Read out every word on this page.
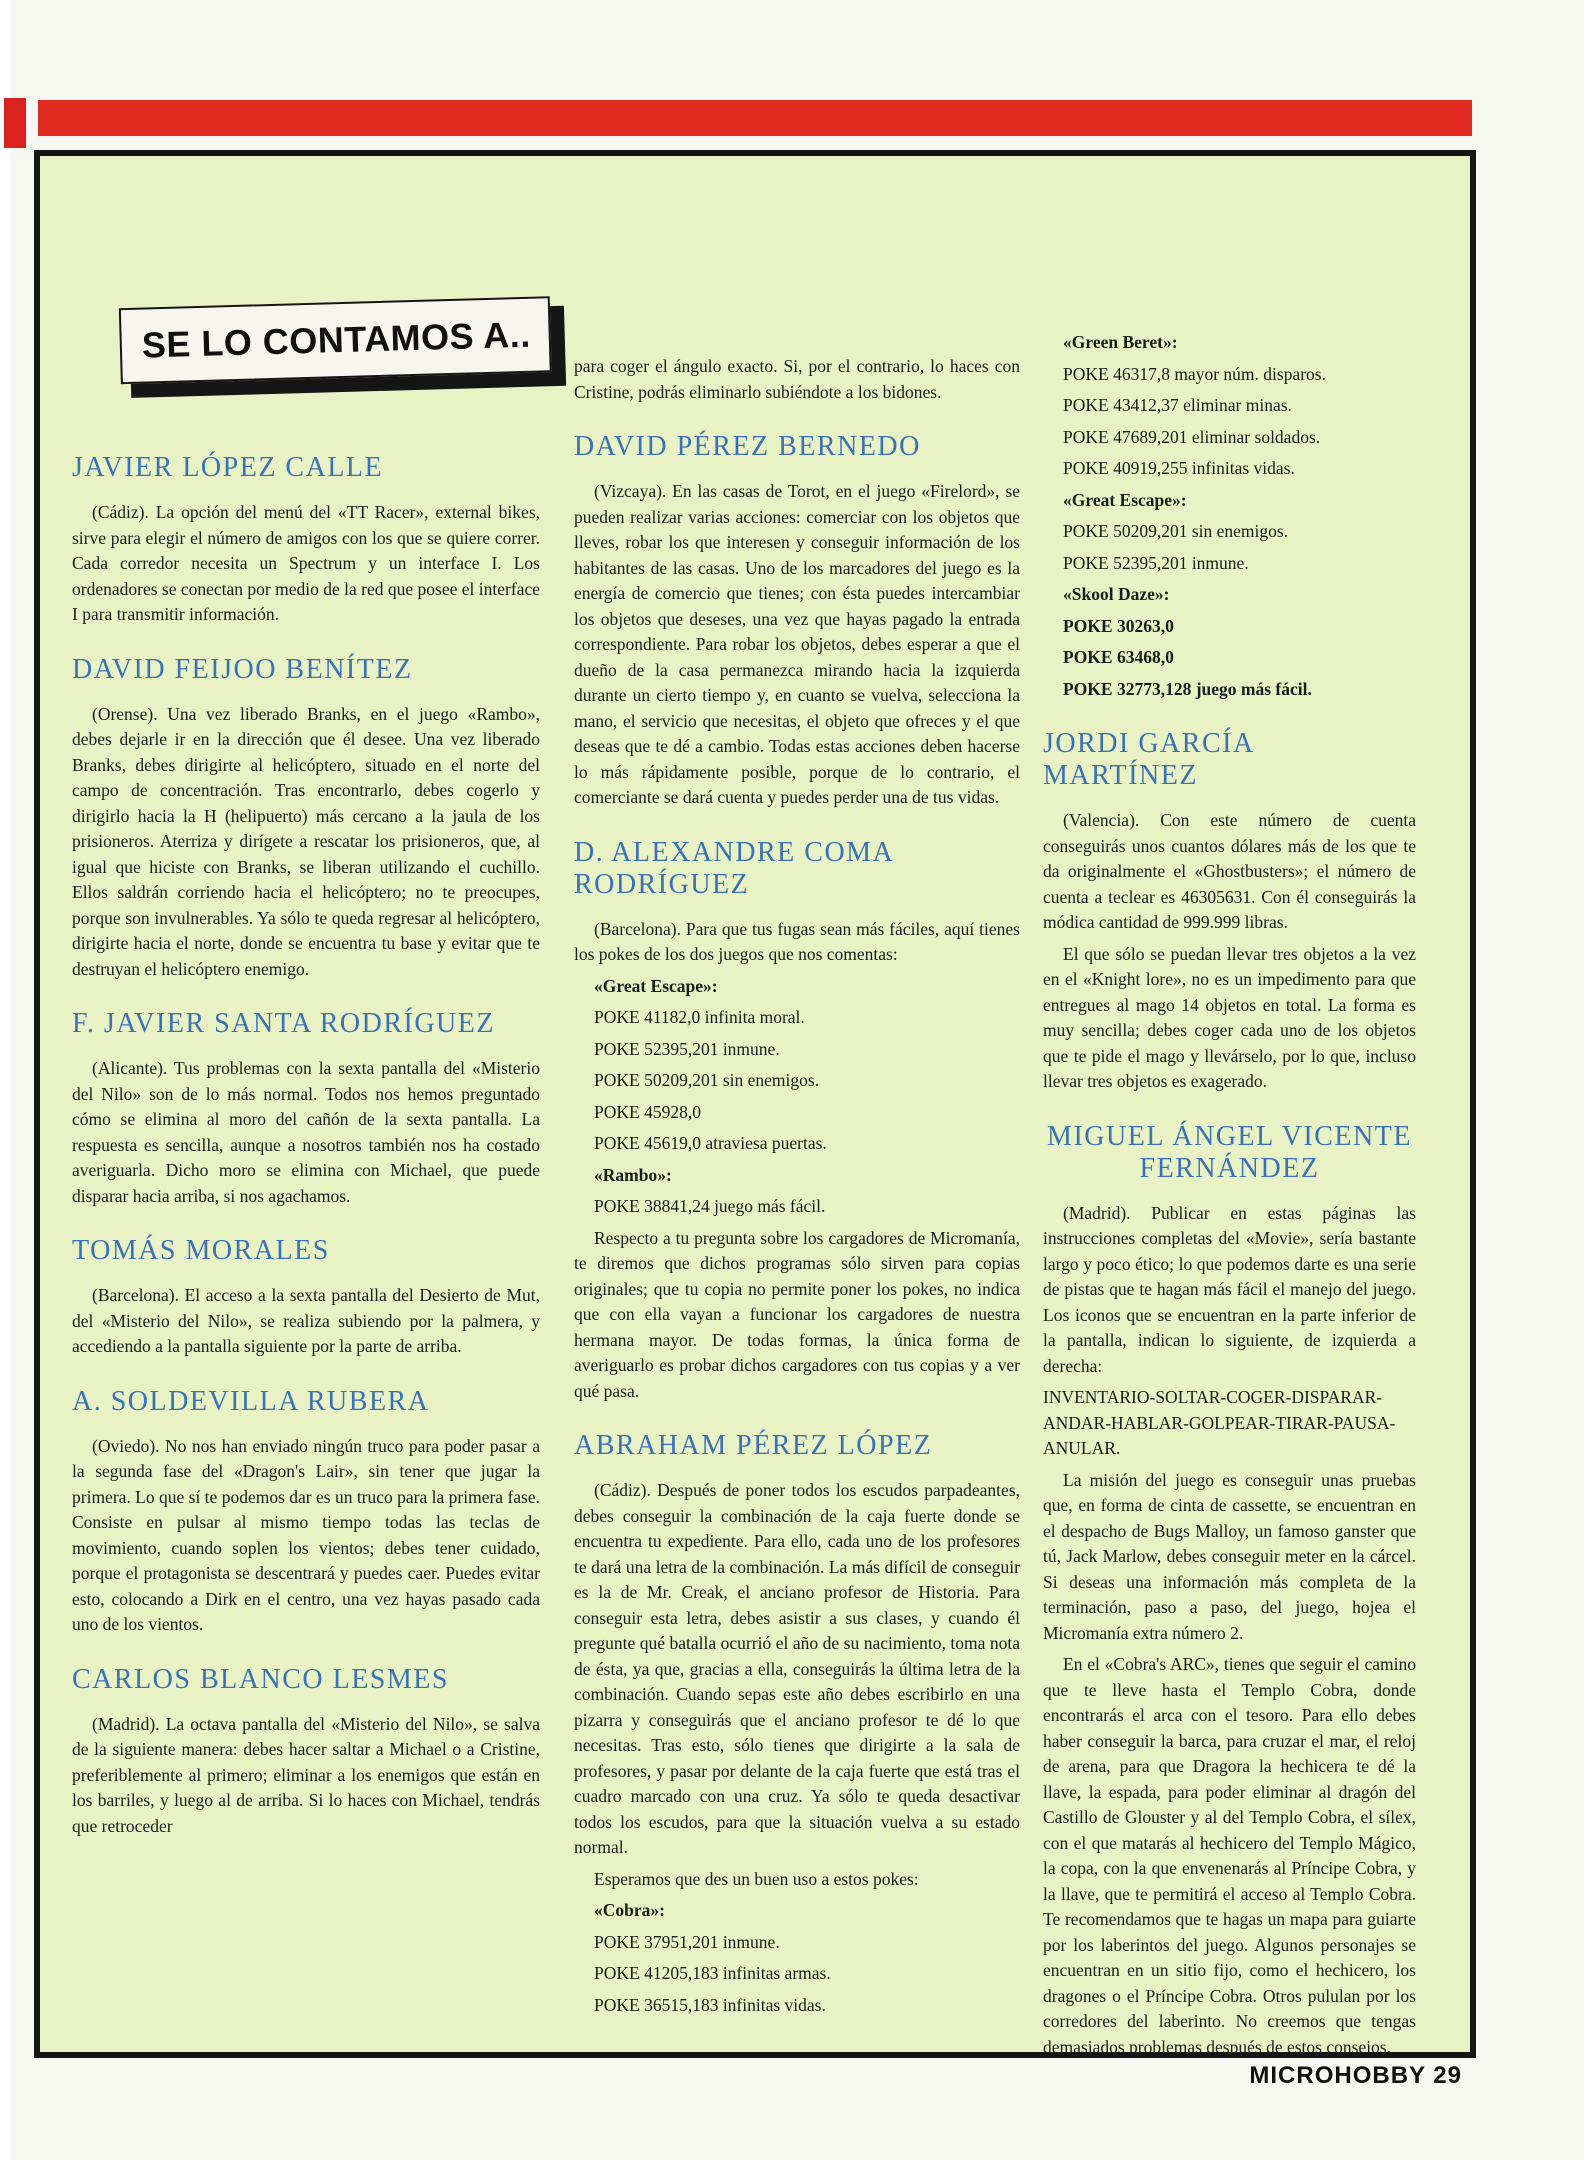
SE LO CONTAMOS A..
JAVIER LÓPEZ CALLE

(Cádiz). La opción del menú del «TT Racer», external bikes, sirve para elegir el número de amigos con los que se quiere correr. Cada corredor necesita un Spectrum y un interface I. Los ordenadores se conectan por medio de la red que posee el interface I para transmitir información.

DAVID FEIJOO BENÍTEZ

(Orense). Una vez liberado Branks, en el juego «Rambo», debes dejarle ir en la dirección que él desee. Una vez liberado Branks, debes dirigirte al helicóptero, situado en el norte del campo de concentración. Tras encontrarlo, debes cogerlo y dirigirlo hacia la H (helipuerto) más cercano a la jaula de los prisioneros. Aterriza y dirígete a rescatar los prisioneros, que, al igual que hiciste con Branks, se liberan utilizando el cuchillo. Ellos saldrán corriendo hacia el helicóptero; no te preocupes, porque son invulnerables. Ya sólo te queda regresar al helicóptero, dirigirte hacia el norte, donde se encuentra tu base y evitar que te destruyan el helicóptero enemigo.

F. JAVIER SANTA RODRÍGUEZ

(Alicante). Tus problemas con la sexta pantalla del «Misterio del Nilo» son de lo más normal. Todos nos hemos preguntado cómo se elimina al moro del cañón de la sexta pantalla. La respuesta es sencilla, aunque a nosotros también nos ha costado averiguarla. Dicho moro se elimina con Michael, que puede disparar hacia arriba, si nos agachamos.

TOMÁS MORALES

(Barcelona). El acceso a la sexta pantalla del Desierto de Mut, del «Misterio del Nilo», se realiza subiendo por la palmera, y accediendo a la pantalla siguiente por la parte de arriba.

A. SOLDEVILLA RUBERA

(Oviedo). No nos han enviado ningún truco para poder pasar a la segunda fase del «Dragon's Lair», sin tener que jugar la primera. Lo que sí te podemos dar es un truco para la primera fase. Consiste en pulsar al mismo tiempo todas las teclas de movimiento, cuando soplen los vientos; debes tener cuidado, porque el protagonista se descentrará y puedes caer. Puedes evitar esto, colocando a Dirk en el centro, una vez hayas pasado cada uno de los vientos.

CARLOS BLANCO LESMES

(Madrid). La octava pantalla del «Misterio del Nilo», se salva de la siguiente manera: debes hacer saltar a Michael o a Cristine, preferiblemente al primero; eliminar a los enemigos que están en los barriles, y luego al de arriba. Si lo haces con Michael, tendrás que retroceder

para coger el ángulo exacto. Si, por el contrario, lo haces con Cristine, podrás eliminarlo subiéndote a los bidones.

DAVID PÉREZ BERNEDO

(Vizcaya). En las casas de Torot, en el juego «Firelord», se pueden realizar varias acciones: comerciar con los objetos que lleves, robar los que interesen y conseguir información de los habitantes de las casas. Uno de los marcadores del juego es la energía de comercio que tienes; con ésta puedes intercambiar los objetos que deseses, una vez que hayas pagado la entrada correspondiente. Para robar los objetos, debes esperar a que el dueño de la casa permanezca mirando hacia la izquierda durante un cierto tiempo y, en cuanto se vuelva, selecciona la mano, el servicio que necesitas, el objeto que ofreces y el que deseas que te dé a cambio. Todas estas acciones deben hacerse lo más rápidamente posible, porque de lo contrario, el comerciante se dará cuenta y puedes perder una de tus vidas.

D. ALEXANDRE COMA
RODRÍGUEZ

(Barcelona). Para que tus fugas sean más fáciles, aquí tienes los pokes de los dos juegos que nos comentas:

«Great Escape»:

POKE 41182,0 infinita moral.

POKE 52395,201 inmune.

POKE 50209,201 sin enemigos.

POKE 45928,0

POKE 45619,0 atraviesa puertas.

«Rambo»:

POKE 38841,24 juego más fácil.

Respecto a tu pregunta sobre los cargadores de Micromanía, te diremos que dichos programas sólo sirven para copias originales; que tu copia no permite poner los pokes, no indica que con ella vayan a funcionar los cargadores de nuestra hermana mayor. De todas formas, la única forma de averiguarlo es probar dichos cargadores con tus copias y a ver qué pasa.

ABRAHAM PÉREZ LÓPEZ

(Cádiz). Después de poner todos los escudos parpadeantes, debes conseguir la combinación de la caja fuerte donde se encuentra tu expediente. Para ello, cada uno de los profesores te dará una letra de la combinación. La más difícil de conseguir es la de Mr. Creak, el anciano profesor de Historia. Para conseguir esta letra, debes asistir a sus clases, y cuando él pregunte qué batalla ocurrió el año de su nacimiento, toma nota de ésta, ya que, gracias a ella, conseguirás la última letra de la combinación. Cuando sepas este año debes escribirlo en una pizarra y conseguirás que el anciano profesor te dé lo que necesitas. Tras esto, sólo tienes que dirigirte a la sala de profesores, y pasar por delante de la caja fuerte que está tras el cuadro marcado con una cruz. Ya sólo te queda desactivar todos los escudos, para que la situación vuelva a su estado normal.

Esperamos que des un buen uso a estos pokes:

«Cobra»:

POKE 37951,201 inmune.

POKE 41205,183 infinitas armas.

POKE 36515,183 infinitas vidas.

«Green Beret»:

POKE 46317,8 mayor núm. disparos.

POKE 43412,37 eliminar minas.

POKE 47689,201 eliminar soldados.

POKE 40919,255 infinitas vidas.

«Great Escape»:

POKE 50209,201 sin enemigos.

POKE 52395,201 inmune.

«Skool Daze»:

POKE 30263,0

POKE 63468,0

POKE 32773,128 juego más fácil.

JORDI GARCÍA MARTÍNEZ

(Valencia). Con este número de cuenta conseguirás unos cuantos dólares más de los que te da originalmente el «Ghostbusters»; el número de cuenta a teclear es 46305631. Con él conseguirás la módica cantidad de 999.999 libras.

El que sólo se puedan llevar tres objetos a la vez en el «Knight lore», no es un impedimento para que entregues al mago 14 objetos en total. La forma es muy sencilla; debes coger cada uno de los objetos que te pide el mago y llevárselo, por lo que, incluso llevar tres objetos es exagerado.

MIGUEL ÁNGEL VICENTE
FERNÁNDEZ

(Madrid). Publicar en estas páginas las instrucciones completas del «Movie», sería bastante largo y poco ético; lo que podemos darte es una serie de pistas que te hagan más fácil el manejo del juego. Los iconos que se encuentran en la parte inferior de la pantalla, indican lo siguiente, de izquierda a derecha:

INVENTARIO-SOLTAR-COGER-DISPARAR-ANDAR-HABLAR-GOLPEAR-TIRAR-PAUSA-ANULAR.

La misión del juego es conseguir unas pruebas que, en forma de cinta de cassette, se encuentran en el despacho de Bugs Malloy, un famoso ganster que tú, Jack Marlow, debes conseguir meter en la cárcel. Si deseas una información más completa de la terminación, paso a paso, del juego, hojea el Micromanía extra número 2.

En el «Cobra's ARC», tienes que seguir el camino que te lleve hasta el Templo Cobra, donde encontrarás el arca con el tesoro. Para ello debes haber conseguir la barca, para cruzar el mar, el reloj de arena, para que Dragora la hechicera te dé la llave, la espada, para poder eliminar al dragón del Castillo de Glouster y al del Templo Cobra, el sílex, con el que matarás al hechicero del Templo Mágico, la copa, con la que envenenarás al Príncipe Cobra, y la llave, que te permitirá el acceso al Templo Cobra. Te recomendamos que te hagas un mapa para guiarte por los laberintos del juego. Algunos personajes se encuentran en un sitio fijo, como el hechicero, los dragones o el Príncipe Cobra. Otros pululan por los corredores del laberinto. No creemos que tengas demasiados problemas después de estos consejos.

MICROHOBBY 29
